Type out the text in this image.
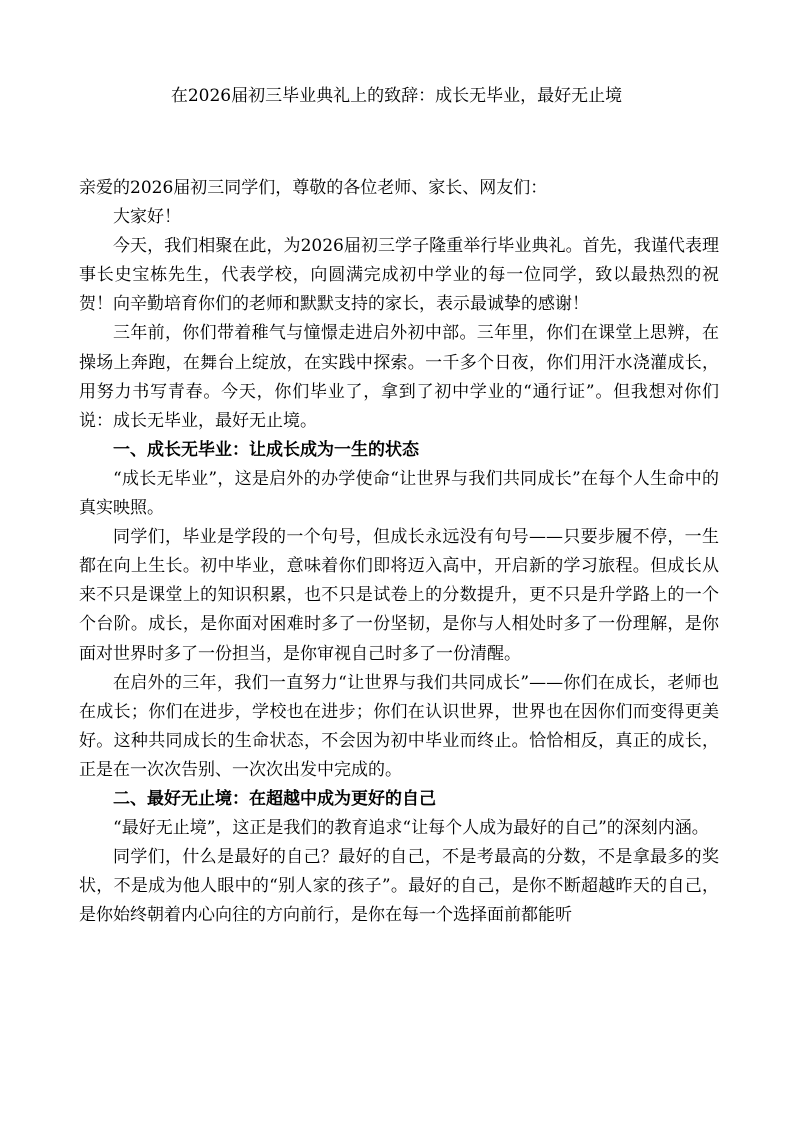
在2026届初三毕业典礼上的致辞：成长无毕业，最好无止境

亲爱的2026届初三同学们，尊敬的各位老师、家长、网友们：

大家好！

今天，我们相聚在此，为2026届初三学子隆重举行毕业典礼。首先，我谨代表理事长史宝栋先生，代表学校，向圆满完成初中学业的每一位同学，致以最热烈的祝贺！向辛勤培育你们的老师和默默支持的家长，表示最诚挚的感谢！

三年前，你们带着稚气与憧憬走进启外初中部。三年里，你们在课堂上思辨，在操场上奔跑，在舞台上绽放，在实践中探索。一千多个日夜，你们用汗水浇灌成长，用努力书写青春。今天，你们毕业了，拿到了初中学业的“通行证”。但我想对你们说：成长无毕业，最好无止境。

一、成长无毕业：让成长成为一生的状态

“成长无毕业”，这是启外的办学使命“让世界与我们共同成长”在每个人生命中的真实映照。

同学们，毕业是学段的一个句号，但成长永远没有句号——只要步履不停，一生都在向上生长。初中毕业，意味着你们即将迈入高中，开启新的学习旅程。但成长从来不只是课堂上的知识积累，也不只是试卷上的分数提升，更不只是升学路上的一个个台阶。成长，是你面对困难时多了一份坚韧，是你与人相处时多了一份理解，是你面对世界时多了一份担当，是你审视自己时多了一份清醒。

在启外的三年，我们一直努力“让世界与我们共同成长”——你们在成长，老师也在成长；你们在进步，学校也在进步；你们在认识世界，世界也在因你们而变得更美好。这种共同成长的生命状态，不会因为初中毕业而终止。恰恰相反，真正的成长，正是在一次次告别、一次次出发中完成的。

二、最好无止境：在超越中成为更好的自己

“最好无止境”，这正是我们的教育追求“让每个人成为最好的自己”的深刻内涵。

同学们，什么是最好的自己？最好的自己，不是考最高的分数，不是拿最多的奖状，不是成为他人眼中的“别人家的孩子”。最好的自己，是你不断超越昨天的自己，是你始终朝着内心向往的方向前行，是你在每一个选择面前都能听
